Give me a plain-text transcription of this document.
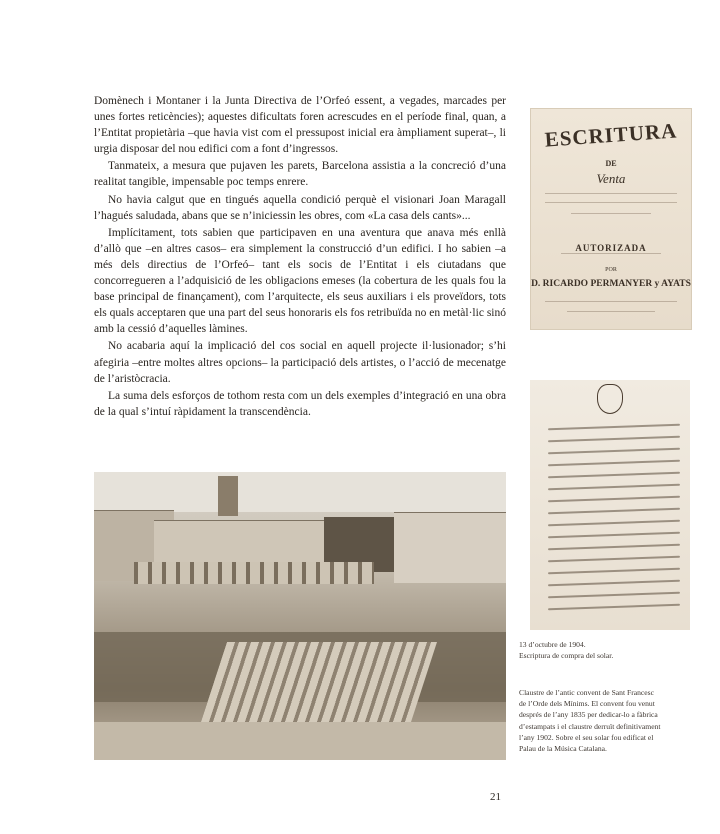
Domènech i Montaner i la Junta Directiva de l’Orfeó essent, a vegades, marcades per unes fortes reticències); aquestes dificultats foren acrescudes en el període final, quan, a l’Entitat propietària –que havia vist com el pressupost inicial era àmpliament superat–, li urgia disposar del nou edifici com a font d’ingressos.

Tanmateix, a mesura que pujaven les parets, Barcelona assistia a la concreció d’una realitat tangible, impensable poc temps enrere.

No havia calgut que en tingués aquella condició perquè el visionari Joan Maragall l’hagués saludada, abans que se n’iniciessin les obres, com «La casa dels cants»...

Implícitament, tots sabien que participaven en una aventura que anava més enllà d’allò que –en altres casos– era simplement la construcció d’un edifici. I ho sabien –a més dels directius de l’Orfeó– tant els socis de l’Entitat i els ciutadans que concorregueren a l’adquisició de les obligacions emeses (la cobertura de les quals fou la base principal de finançament), com l’arquitecte, els seus auxiliars i els proveïdors, tots els quals acceptaren que una part del seus honoraris els fos retribuïda no en metàl·lic sinó amb la cessió d’aquelles làmines.

No acabaria aquí la implicació del cos social en aquell projecte il·lusionador; s’hi afegiria –entre moltes altres opcions– la participació dels artistes, o l’acció de mecenatge de l’aristòcracia.

La suma dels esforços de tothom resta com un dels exemples d’integració en una obra de la qual s’intuí ràpidament la transcendència.

ESCRITURA
DE
Venta
AUTORIZADA
POR
D. RICARDO PERMANYER y AYATS
13 d’octubre de 1904.
Escriptura de compra del solar.
Claustre de l’antic convent de Sant Francesc
de l’Orde dels Mínims. El convent fou venut
després de l’any 1835 per dedicar-lo a fàbrica
d’estampats i el claustre derruït definitivament
l’any 1902. Sobre el seu solar fou edificat el
Palau de la Música Catalana.
21
